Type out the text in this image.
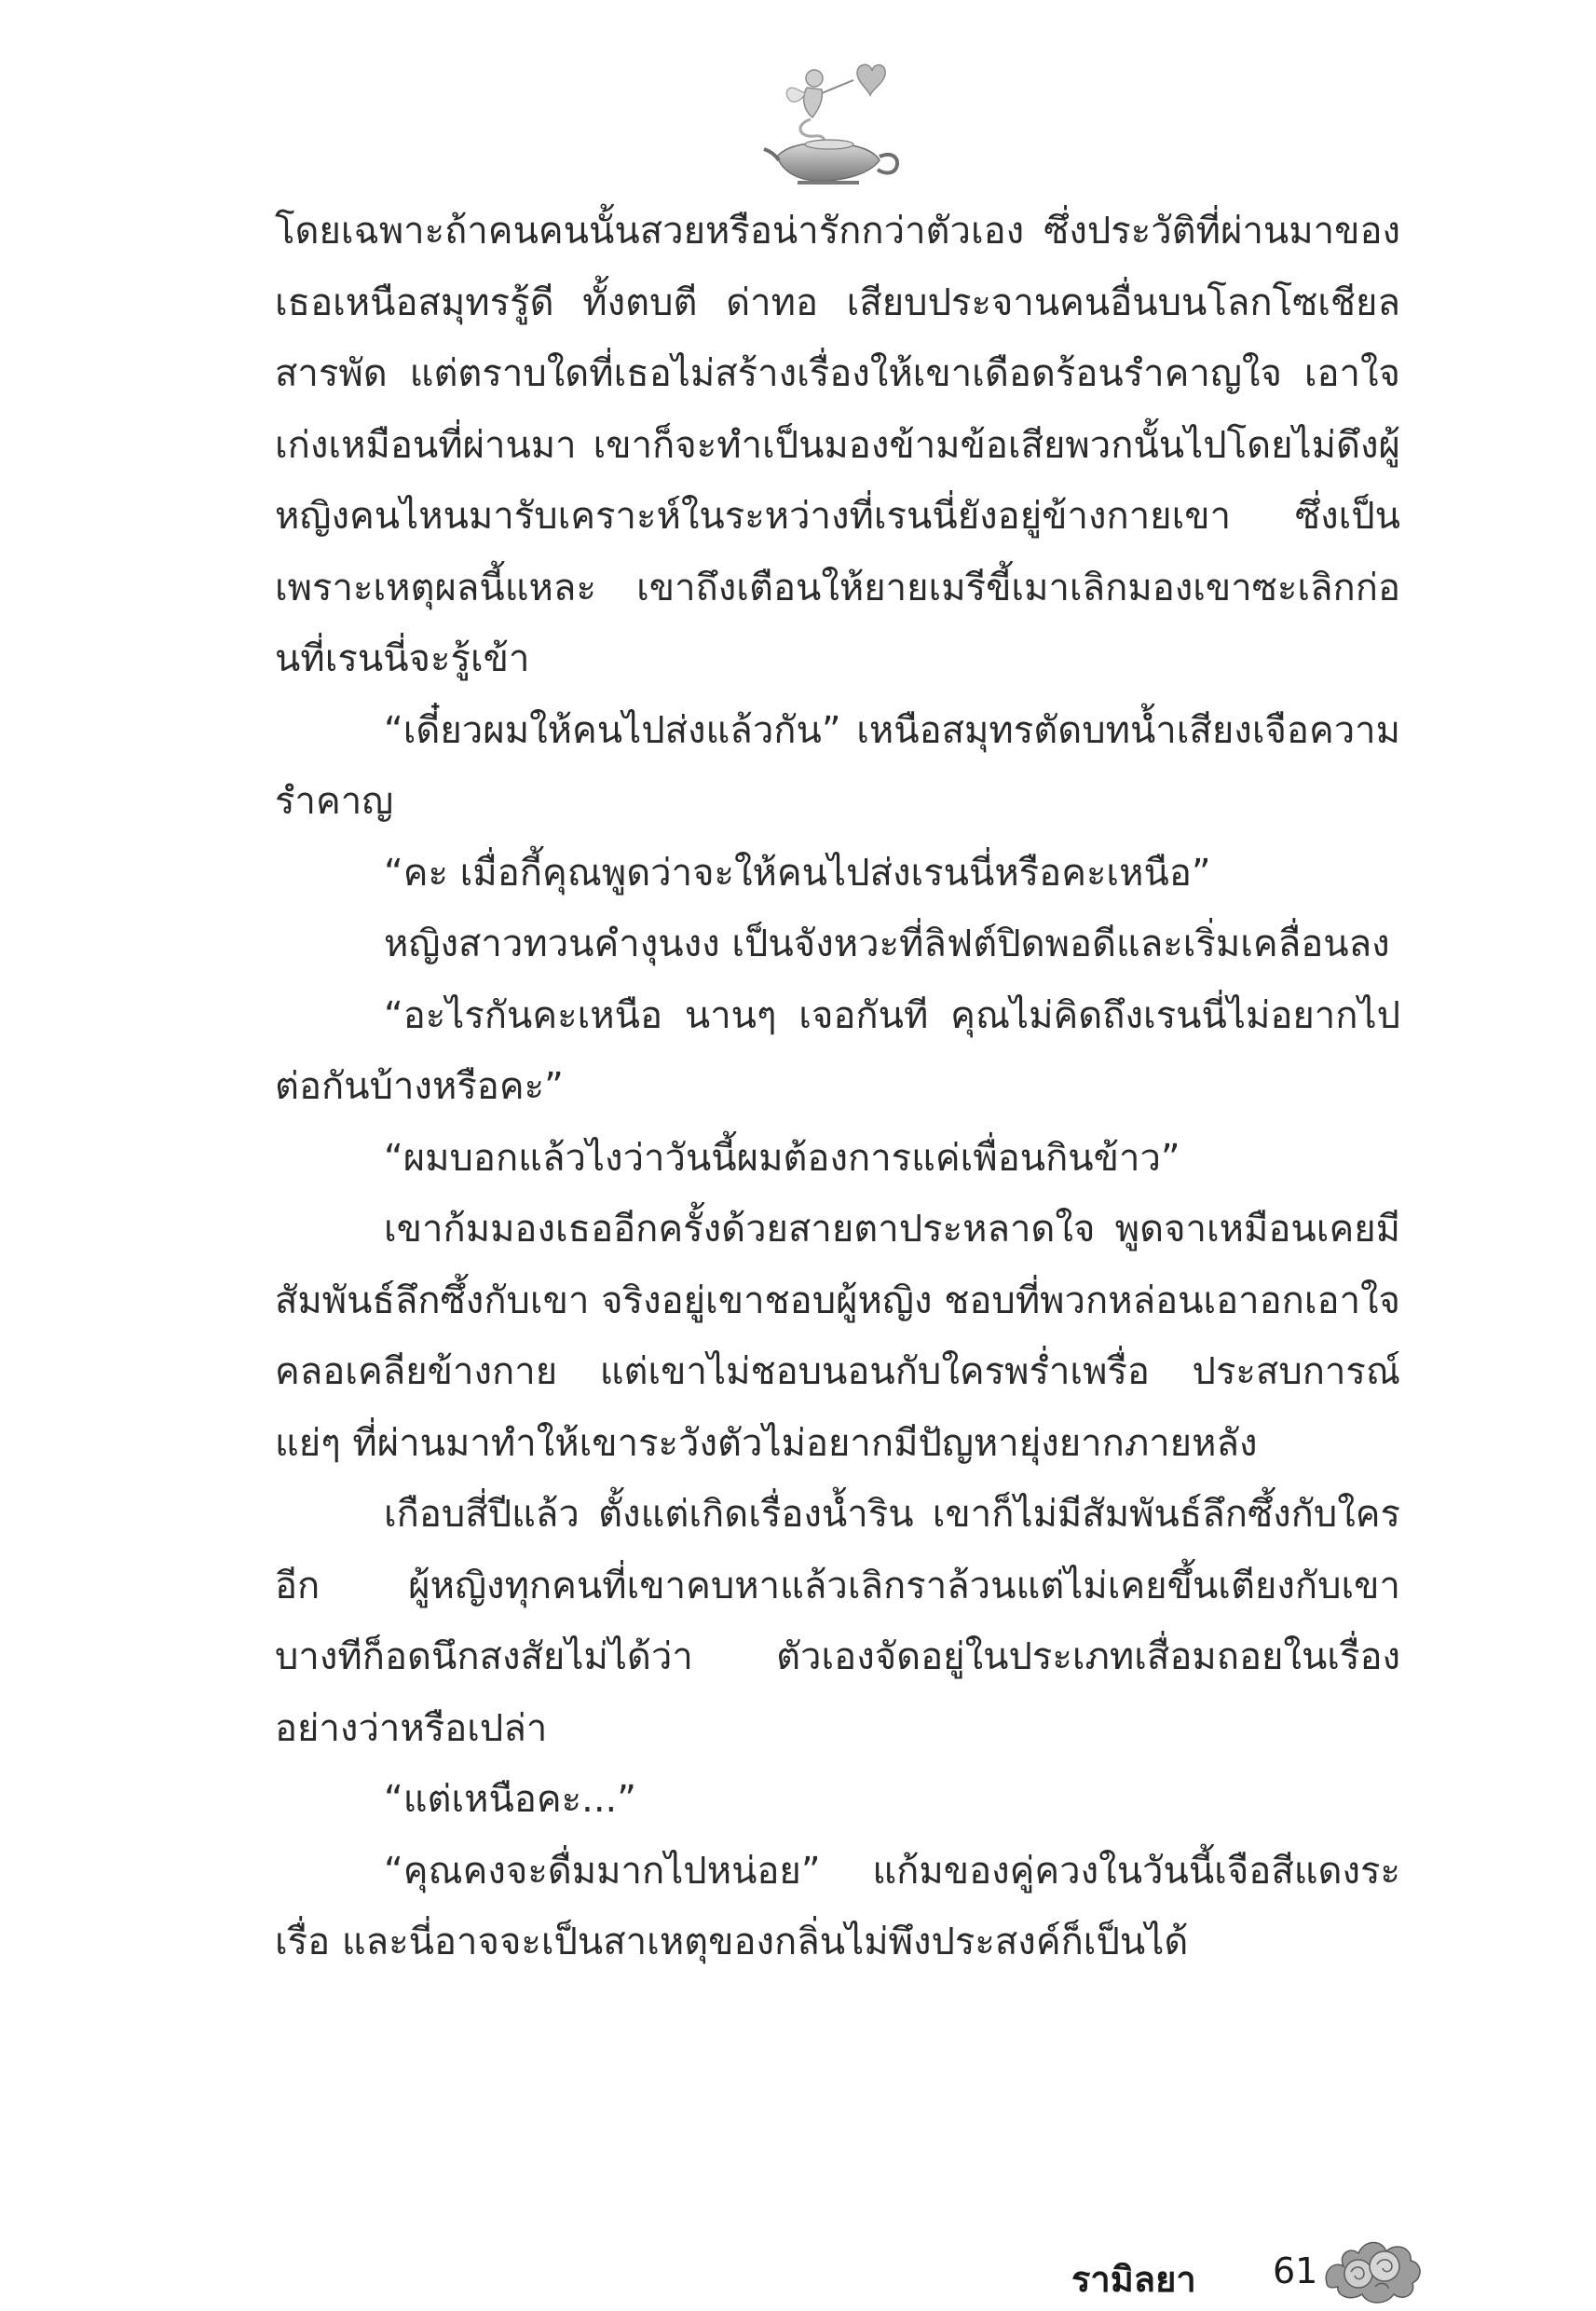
โดยเฉพาะถ้าคนคนนั้นสวยหรือน่ารักกว่าตัวเอง ซึ่งประวัติที่ผ่านมาของเธอเหนือสมุทรรู้ดี ทั้งตบตี ด่าทอ เสียบประจานคนอื่นบนโลกโซเชียลสารพัด แต่ตราบใดที่เธอไม่สร้างเรื่องให้เขาเดือดร้อนรำคาญใจ เอาใจเก่งเหมือนที่ผ่านมา เขาก็จะทำเป็นมองข้ามข้อเสียพวกนั้นไปโดยไม่ดึงผู้หญิงคนไหนมารับเคราะห์ในระหว่างที่เรนนี่ยังอยู่ข้างกายเขา ซึ่งเป็นเพราะเหตุผลนี้แหละ เขาถึงเตือนให้ยายเมรีขี้เมาเลิกมองเขาซะเลิกก่อนที่เรนนี่จะรู้เข้า

“เดี๋ยวผมให้คนไปส่งแล้วกัน” เหนือสมุทรตัดบทน้ำเสียงเจือความรำคาญ

“คะ เมื่อกี้คุณพูดว่าจะให้คนไปส่งเรนนี่หรือคะเหนือ”

หญิงสาวทวนคำงุนงง เป็นจังหวะที่ลิฟต์ปิดพอดีและเริ่มเคลื่อนลง

“อะไรกันคะเหนือ นานๆ เจอกันที คุณไม่คิดถึงเรนนี่ไม่อยากไปต่อกันบ้างหรือคะ”

“ผมบอกแล้วไงว่าวันนี้ผมต้องการแค่เพื่อนกินข้าว”

เขาก้มมองเธออีกครั้งด้วยสายตาประหลาดใจ พูดจาเหมือนเคยมีสัมพันธ์ลึกซึ้งกับเขา จริงอยู่เขาชอบผู้หญิง ชอบที่พวกหล่อนเอาอกเอาใจ คลอเคลียข้างกาย แต่เขาไม่ชอบนอนกับใครพร่ำเพรื่อ ประสบการณ์แย่ๆ ที่ผ่านมาทำให้เขาระวังตัวไม่อยากมีปัญหายุ่งยากภายหลัง

เกือบสี่ปีแล้ว ตั้งแต่เกิดเรื่องน้ำริน เขาก็ไม่มีสัมพันธ์ลึกซึ้งกับใครอีก ผู้หญิงทุกคนที่เขาคบหาแล้วเลิกราล้วนแต่ไม่เคยขึ้นเตียงกับเขา บางทีก็อดนึกสงสัยไม่ได้ว่า ตัวเองจัดอยู่ในประเภทเสื่อมถอยในเรื่องอย่างว่าหรือเปล่า

“แต่เหนือคะ...”

“คุณคงจะดื่มมากไปหน่อย” แก้มของคู่ควงในวันนี้เจือสีแดงระเรื่อ และนี่อาจจะเป็นสาเหตุของกลิ่นไม่พึงประสงค์ก็เป็นได้

รามิลยา 61
